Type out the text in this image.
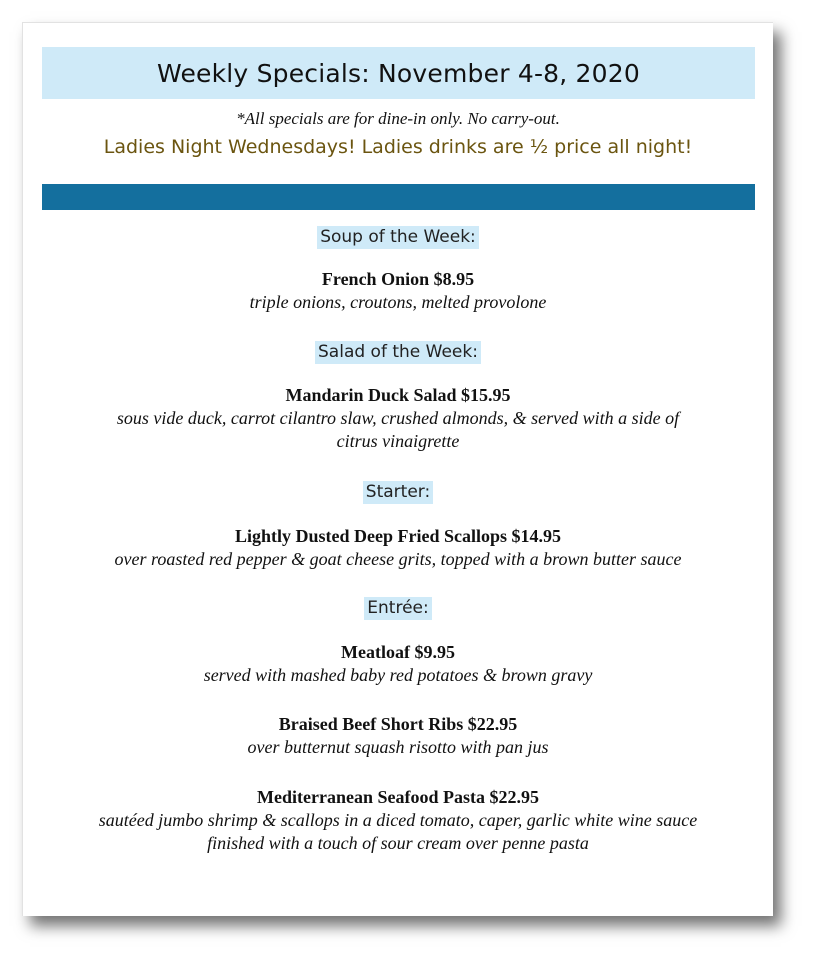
Weekly Specials: November 4-8, 2020
*All specials are for dine-in only. No carry-out.
Ladies Night Wednesdays! Ladies drinks are ½ price all night!
Soup of the Week:
French Onion $8.95
triple onions, croutons, melted provolone
Salad of the Week:
Mandarin Duck Salad $15.95
sous vide duck, carrot cilantro slaw, crushed almonds, & served with a side of
citrus vinaigrette
Starter:
Lightly Dusted Deep Fried Scallops $14.95
over roasted red pepper & goat cheese grits, topped with a brown butter sauce
Entrée:
Meatloaf $9.95
served with mashed baby red potatoes & brown gravy
Braised Beef Short Ribs $22.95
over butternut squash risotto with pan jus
Mediterranean Seafood Pasta $22.95
sautéed jumbo shrimp & scallops in a diced tomato, caper, garlic white wine sauce
finished with a touch of sour cream over penne pasta
